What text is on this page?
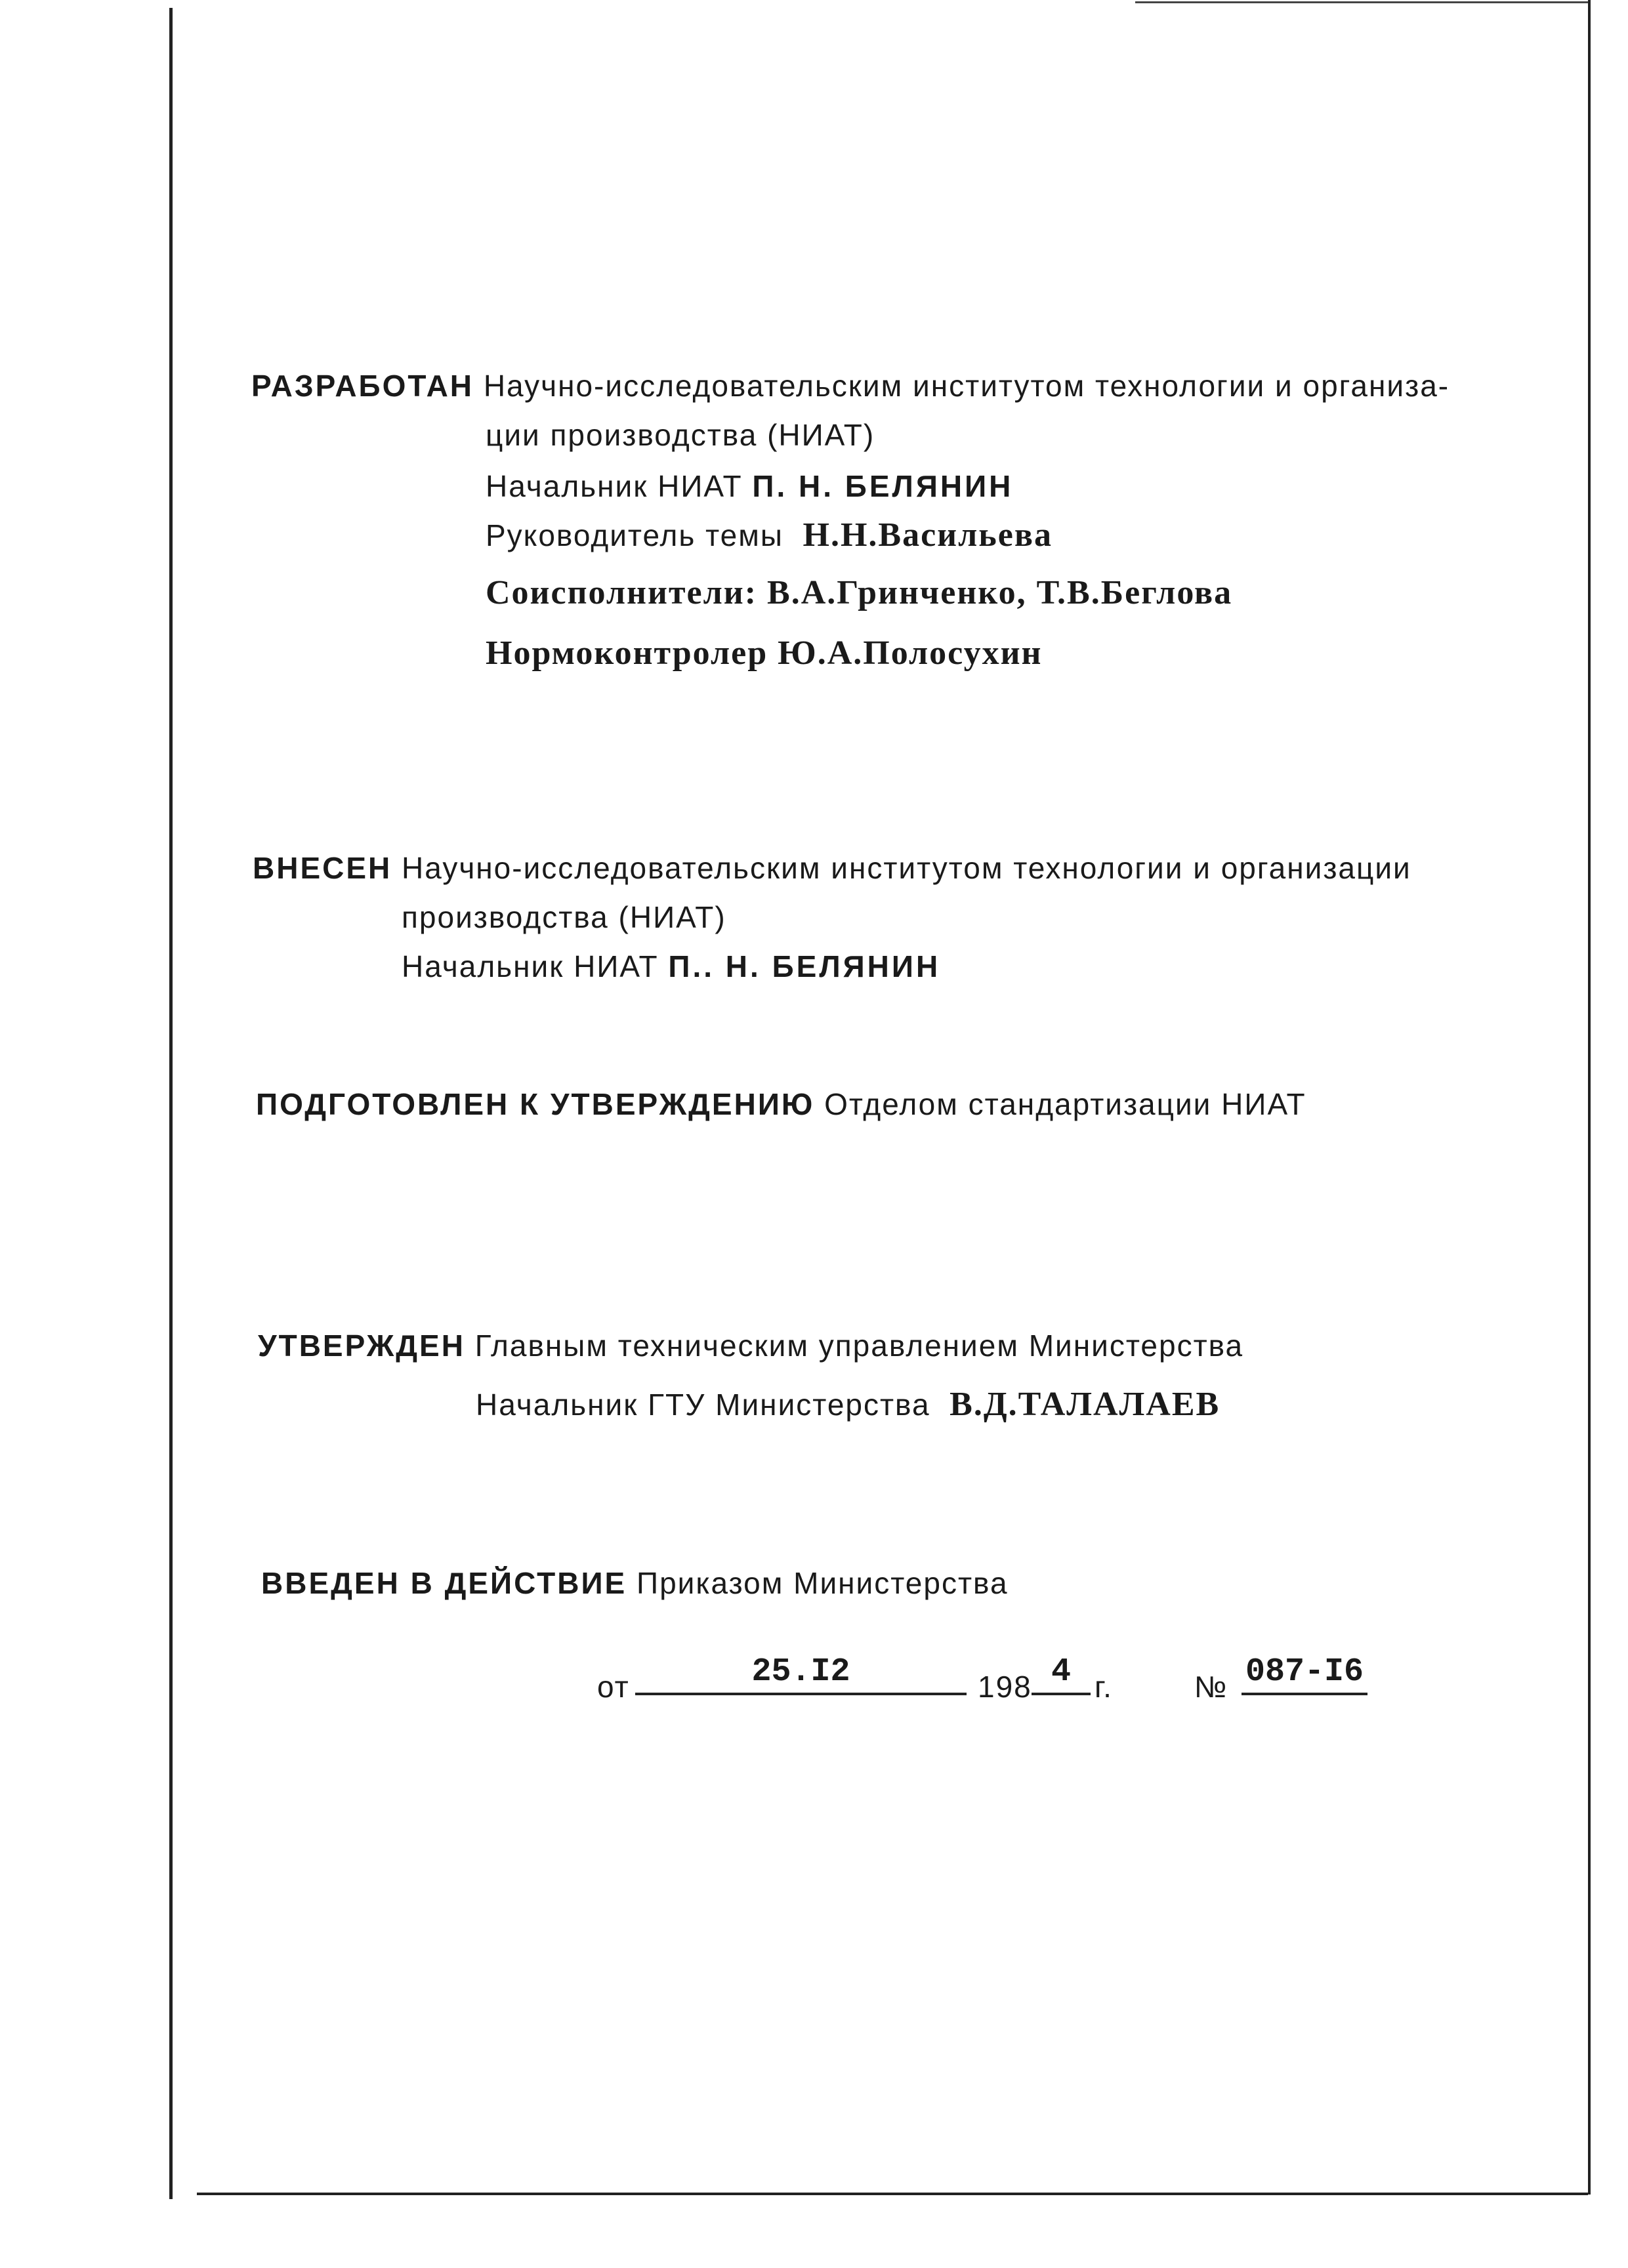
РАЗРАБОТАН Научно-исследовательским институтом технологии и организа-
ции производства (НИАТ)
Начальник НИАТ П. Н. БЕЛЯНИН
Руководитель темы Н.Н.Васильева
Соисполнители: В.А.Гринченко, Т.В.Беглова
Нормоконтролер Ю.А.Полосухин
ВНЕСЕН Научно-исследовательским институтом технологии и организации
производства (НИАТ)
Начальник НИАТ П.. Н. БЕЛЯНИН
ПОДГОТОВЛЕН К УТВЕРЖДЕНИЮ Отделом стандартизации НИАТ
УТВЕРЖДЕН Главным техническим управлением Министерства
Начальник ГТУ Министерства В.Д.ТАЛАЛАЕВ
ВВЕДЕН В ДЕЙСТВИЕ Приказом Министерства
от	25.I2	198 4 г.	№ 087-I6
